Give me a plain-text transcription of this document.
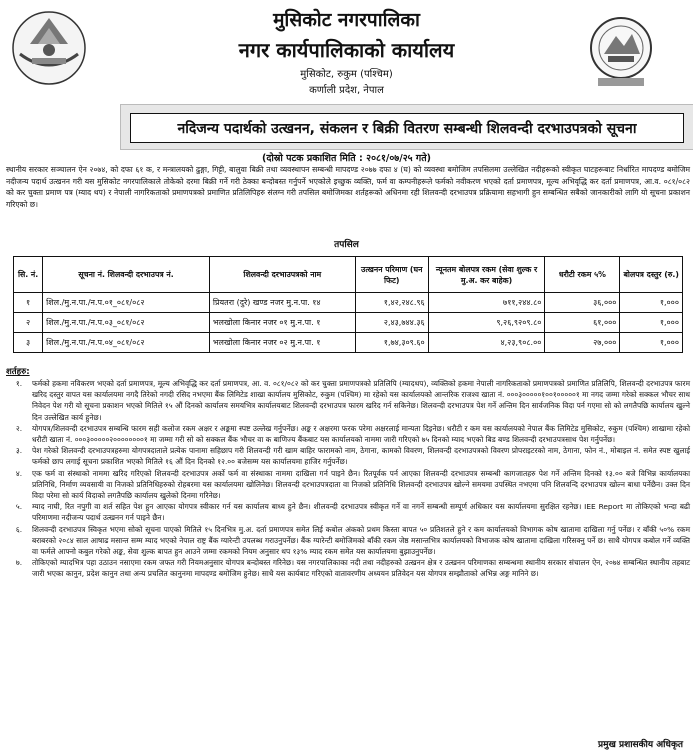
मुसिकोट नगरपालिका
नगर कार्यपालिकाको कार्यालय
मुसिकोट, रुकुम (पश्चिम)
कर्णाली प्रदेश, नेपाल
नदिजन्य पदार्थको उत्खनन, संकलन र बिक्री वितरण सम्बन्धी शिलवन्दी दरभाउपत्रको सूचना
(दोस्रो पटक प्रकाशित मिति : २०८१/०७/२५ गते)
स्थानीय सरकार सञ्चालन ऐन २०७४, को दफा ६१ क, र मन्त्रालयको ढुङ्गा, गिट्टी, बालुवा बिक्री तथा व्यवस्थापन सम्बन्धी मापदण्ड २०७७ दफा ४ (घ) को व्यवस्था बमोजिम तपसिलमा उल्लेखित नदीहरूको स्वीकृत घाटहरूबाट निर्धारित मापदण्ड बमोजिम नदीजन्य पदार्थ उत्खनन गरी यस मुसिकोट नगरपालिकाले तोकेको दरमा बिक्री गर्ने गरी ठेक्का बन्दोबस्त गर्नुपर्ने भएकोले इच्छुक व्यक्ति, फर्म वा कम्पनीहरूले फर्मको नवीकरण भएको दर्ता प्रमाणपत्र, मूल्य अभिवृद्धि कर दर्ता प्रमाणपत्र, आ.व. ०८१/०८२ को कर चुक्ता प्रमाण पत्र (म्याद थप) र नेपाली नागरिकताको प्रमाणपत्रको प्रमाणित प्रतिलिपिहरु संलग्न गरी तपसिल बमोजिमका शर्तहरूको अधिनमा रही शिलवन्दी दरभाउपत्र प्रक्रियामा सहभागी हुन सम्बन्धित सबैको जानकारीको लागि यो सूचना प्रकाशन गरिएको छ।
तपसिल
सि. नं.	सूचना नं. शिलवन्दी दरभाउपत्र नं.	शिलवन्दी दरभाउपत्रको नाम	उत्खनन परिमाण (घन फिट)	न्यूनतम बोलपत्र रकम (सेवा शुल्क र मु.अ. कर बाहेक)	धरौटी रकम ५%	बोलपत्र दस्तुर (रु.)
१	शिल./मु.न.पा./न.प.०१_०८१/०८२	प्रियतरा (दुरे) खण्ड नजर मु.न.पा. १४	१,४२,२४८.९६	७११,२४४.८०	३६,०००	१,०००
२	शिल./मु.न.पा./न.प.०३_०८१/०८२	भलखोला किनार नजर ०१ मु.न.पा. १	२,४३,७४४.३६	९,२६,९२०९.८०	६१,०००	१,०००
३	शिल./मु.न.पा./न.प.०४_०८१/०८२	भलखोला किनार नजर ०२ मु.न.पा. १	१,७४,३०९.६०	४,२३,९०८.००	२७,०००	१,०००
शर्तहरु:
१.	फर्मको हकमा नविकरण भएको दर्ता प्रमाणपत्र, मूल्य अभिवृद्धि कर दर्ता प्रमाणपत्र, आ. व. ०८१/०८२ को कर चुक्ता प्रमाणपत्रको प्रतिलिपि (म्यादथप), व्यक्तिको हकमा नेपाली नागरिकताको प्रमाणपत्रको प्रमाणित प्रतिलिपि, शिलवन्दी दरभाउपत्र फारम खरिद दस्तुर वापत यस कार्यालयमा नगदै तिरेको नगदी रसिद नभएमा बैंक लिमिटेड शाखा कार्यालय मुसिकोट, रुकुम (पश्चिम) मा रहेको यस कार्यालयको आन्तरिक राजश्व खाता नं. ०००३०००००१००१०००००१ मा नगद जम्मा गरेको सक्कल भौचर साथ निवेदन पेश गरी यो सूचना प्रकाशन भएको मितिले १५ औं दिनको कार्यालय समयभित्र कार्यालयबाट शिलवन्दी दरभाउपत्र फारम खरिद गर्न सकिनेछ। शिलवन्दी दरभाउपत्र पेश गर्ने अन्तिम दिन सार्वजनिक विदा पर्न गएमा सो को लगतैपछि कार्यालय खुल्ने दिन उल्लेखित कार्य हुनेछ।
२.	योगपत्र/शिलवन्दी दरभाउपत्र सम्बन्धि फारम सही कलोज रकम अक्षर र अङ्कमा स्पष्ट उल्लेख गर्नुपर्नेछ। अङ्क र अक्षरमा फरक परेमा अक्षरलाई मान्यता दिइनेछ। धरौटी र कम यस कार्यालयको नेपाल बैंक लिमिटेड मुसिकोट, रुकुम (पश्चिम) शाखामा रहेको धरौटी खाता नं. ०००३०००००२००००००००१ मा जम्मा गरी सो को सक्कल बैंक भौचर वा क बाणिज्य बैंकबाट यस कार्यालयको नाममा जारी गरिएको ७५ दिनको म्याद भएको बिड बण्ड शिलवन्दी दरभाउपत्रसाथ पेश गर्नुपर्नेछ।
३.	पेश गरेको शिलवन्दी दरभाउपत्रहरुमा योगपत्रदाताले प्रत्येक पानामा सहिछाप गरी शिलवन्दी गरी खाम बाहिर फारामको नाम, ठेगाना, कामको विवरण, शिलवन्दी दरभाउपत्रको विवरण प्रोपराइटरको नाम, ठेगाना, फोन नं., मोबाइल नं. समेत स्पष्ट खुलाई फर्मको छाप लगाई सूचना प्रकाशित भएको मितिले १६ औं दिन दिनको १२.०० बजेसम्म यस कार्यालयमा हाजिर गर्नुपर्नेछ।
४.	एक फर्म वा संस्थाको नाममा खरिद गरिएको शिलवन्दी दरभाउपत्र अर्को फर्म वा संस्थाका नाममा दाखिला गर्न पाइने छैन। रितपूर्वक पर्न आएका शिलवन्दी दरभाउपत्र सम्बन्धी कागजातहरु पेश गर्ने अन्तिम दिनको १३.०० बजे विभिन्न कार्यालयका प्रतिनिधि, निर्माण व्यवसायी वा निजको प्रतिनिधिहरुको रोहबरमा यस कार्यालयमा खोलिनेछ। शिलवन्दी दरभाउपत्रदाता वा निजको प्रतिनिधि शिलवन्दी दरभाउपत्र खोल्ने समयमा उपस्थित नभएमा पनि शिलवन्दि दरभाउपत्र खोल्न बाधा पर्नेछैन। उक्त दिन विदा परेमा सो कार्य विदाको लगतैपछि कार्यालय खुलेको दिनमा गरिनेछ।
५.	म्याद नाघी, रित नपुगी वा शर्त सहित पेश हुन आएका योगपत्र स्वीकार गर्न यस कार्यालय बाध्य हुने छैन। शीलवन्दी दरभाउपत्र स्वीकृत गर्ने वा नगर्ने सम्बन्धी सम्पूर्ण अधिकार यस कार्यालयमा सुरक्षित रहनेछ। IEE Report मा तोकिएको भन्दा बढी परिमाणमा नदीजन्य पदार्थ उत्खनन गर्न पाइने छैन।
६.	शिलवन्दी दरभाउपत्र स्विकृत भएमा सोको सूचना पाएको मितिले १५ दिनभित्र मु.अ. दर्ता प्रमाणपत्र समेत लिई कबोल अंकको प्रथम किस्ता बापत ५० प्रतिशतले हुने र कम कार्यालयको विभागक कोष खातामा दाखिला गर्नु पर्नेछ। र बाँकी ५०% रकम बराबरको २०८४ साल आषाढ मसान्त सम्म म्याद भएको नेपाल राष्ट्र बैंक ग्यारेन्टी उपलब्ध गराउनुपर्नेछ। बैंक ग्यारेन्टी बमोजिमको बाँकी रकम जेष्ठ मसान्तभित्र कार्यालयको विभाजक कोष खातामा दाखिला गरिसक्नु पर्ने छ। साथै योगपत्र कबोल गर्ने व्यक्ति वा फर्मले आफ्नो कबुल गरेको अङ्क, सेवा शुल्क बापत हुन आउने जम्मा रकमको नियम अनुसार थप १३% म्याद रकम समेत यस कार्यालयमा बुझाउनुपर्नेछ।
७.	तोकिएको म्यादभित्र पहा उठाउन नसाएमा रकम जफत गरी नियमअनुसार योगपत्र बन्दोबस्त गरिनेछ। यस नगरपालिकाका नदी तथा नदीहरुको उत्खनन क्षेत्र र उत्खनन परिमाणका सम्बन्धमा स्थानीय सरकार संचालन ऐन, २०७४ सम्बन्धित स्थानीय तहबाट जारी भएका कानुन, प्रदेश कानुन तथा अन्य प्रचलित कानुनमा मापदण्ड बमोजिम हुनेछ। साथै यस कार्यबाट गरिएको वातावरणीय अध्ययन प्रतिवेदन यस योगपत्र सम्झौताको अभिन्न अङ्ग मानिने छ।
प्रमुख प्रशासकीय अधिकृत
